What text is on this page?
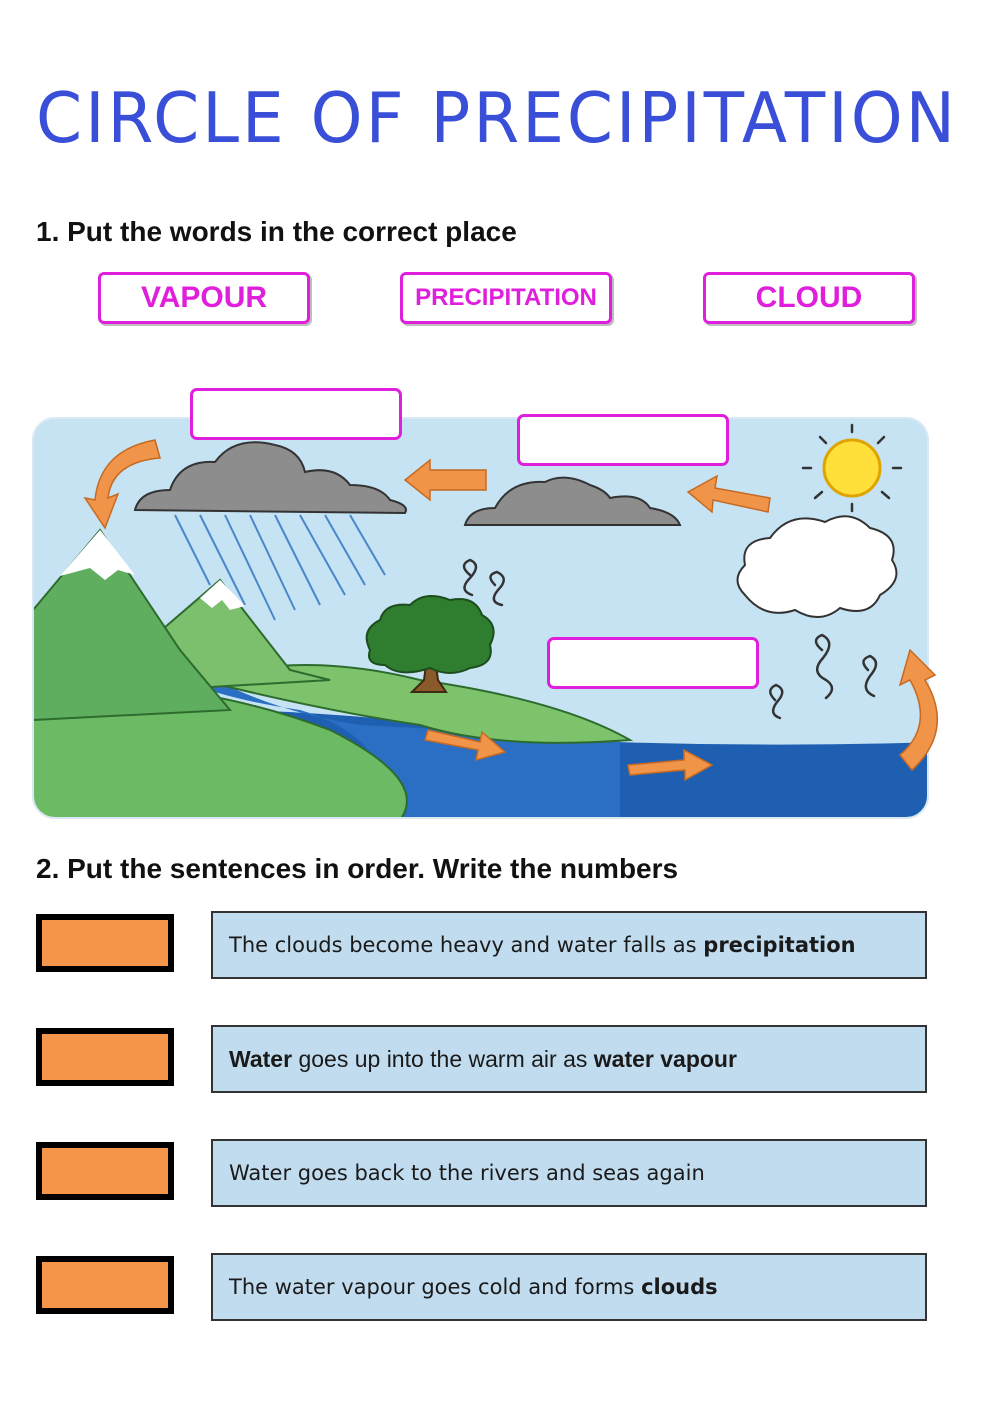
CIRCLE OF PRECIPITATION
1. Put the words in the correct place
VAPOUR	PRECIPITATION	CLOUD
2. Put the sentences in order. Write the numbers
The clouds become heavy and water falls as
precipitation
Water goes up into the warm air as water vapour
Water goes back to the rivers and seas again
The water vapour goes cold and forms
clouds
